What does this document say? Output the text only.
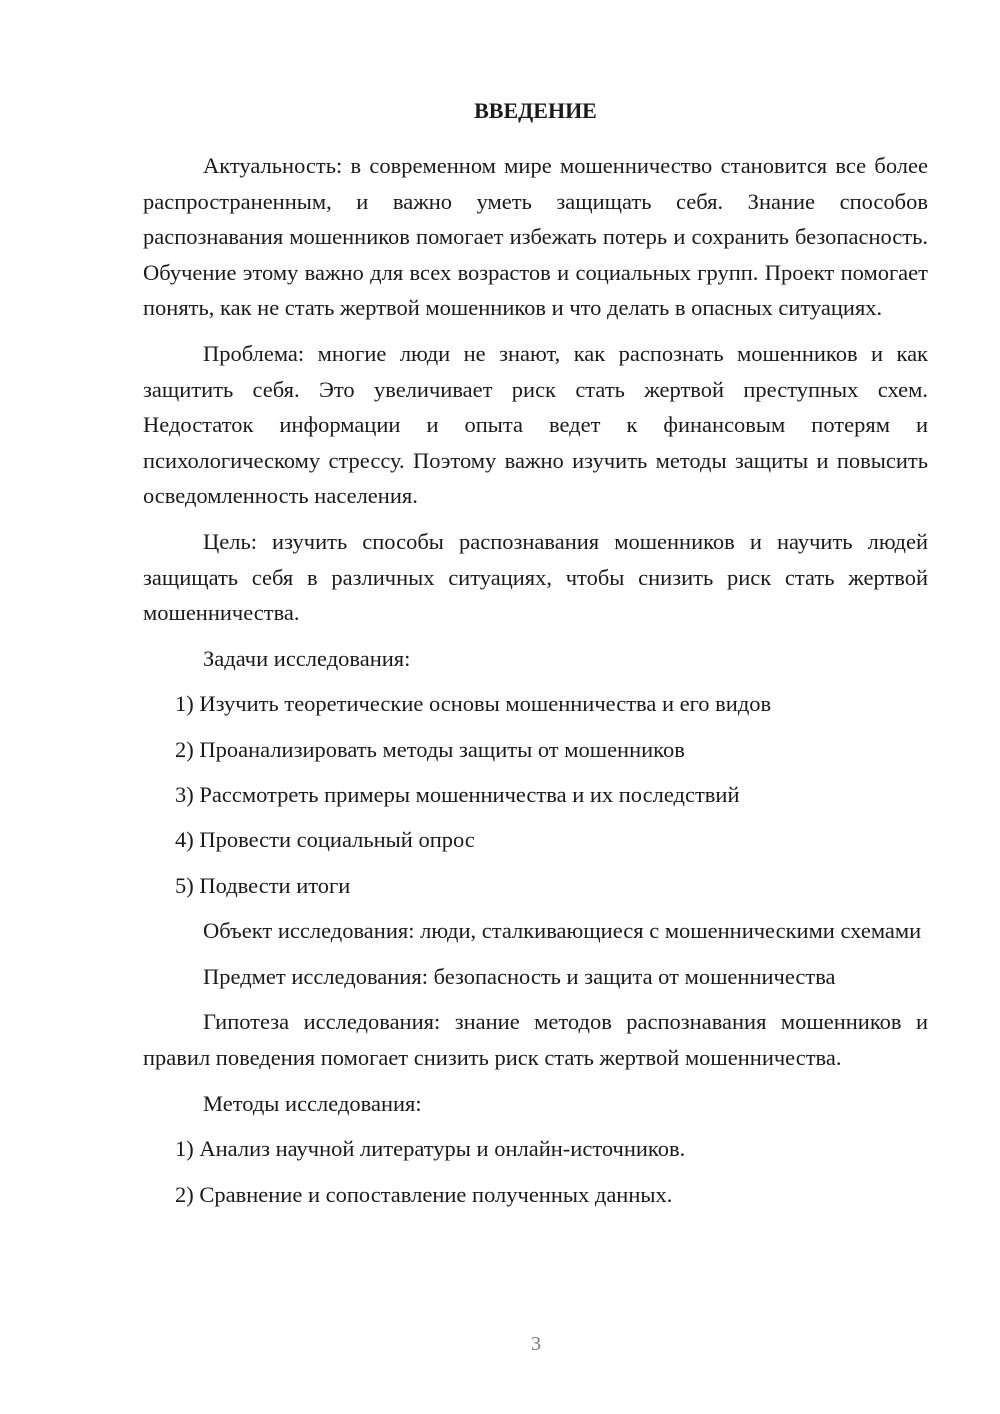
ВВЕДЕНИЕ

Актуальность: в современном мире мошенничество становится все более распространенным, и важно уметь защищать себя. Знание способов распознавания мошенников помогает избежать потерь и сохранить безопасность. Обучение этому важно для всех возрастов и социальных групп. Проект помогает понять, как не стать жертвой мошенников и что делать в опасных ситуациях.

Проблема: многие люди не знают, как распознать мошенников и как защитить себя. Это увеличивает риск стать жертвой преступных схем. Недостаток информации и опыта ведет к финансовым потерям и психологическому стрессу. Поэтому важно изучить методы защиты и повысить осведомленность населения.

Цель: изучить способы распознавания мошенников и научить людей защищать себя в различных ситуациях, чтобы снизить риск стать жертвой мошенничества.

Задачи исследования:

1) Изучить теоретические основы мошенничества и его видов
2) Проанализировать методы защиты от мошенников
3) Рассмотреть примеры мошенничества и их последствий
4) Провести социальный опрос
5) Подвести итоги

Объект исследования: люди, сталкивающиеся с мошенническими схемами

Предмет исследования: безопасность и защита от мошенничества

Гипотеза исследования: знание методов распознавания мошенников и правил поведения помогает снизить риск стать жертвой мошенничества.

Методы исследования:

1) Анализ научной литературы и онлайн-источников.
2) Сравнение и сопоставление полученных данных.
3
